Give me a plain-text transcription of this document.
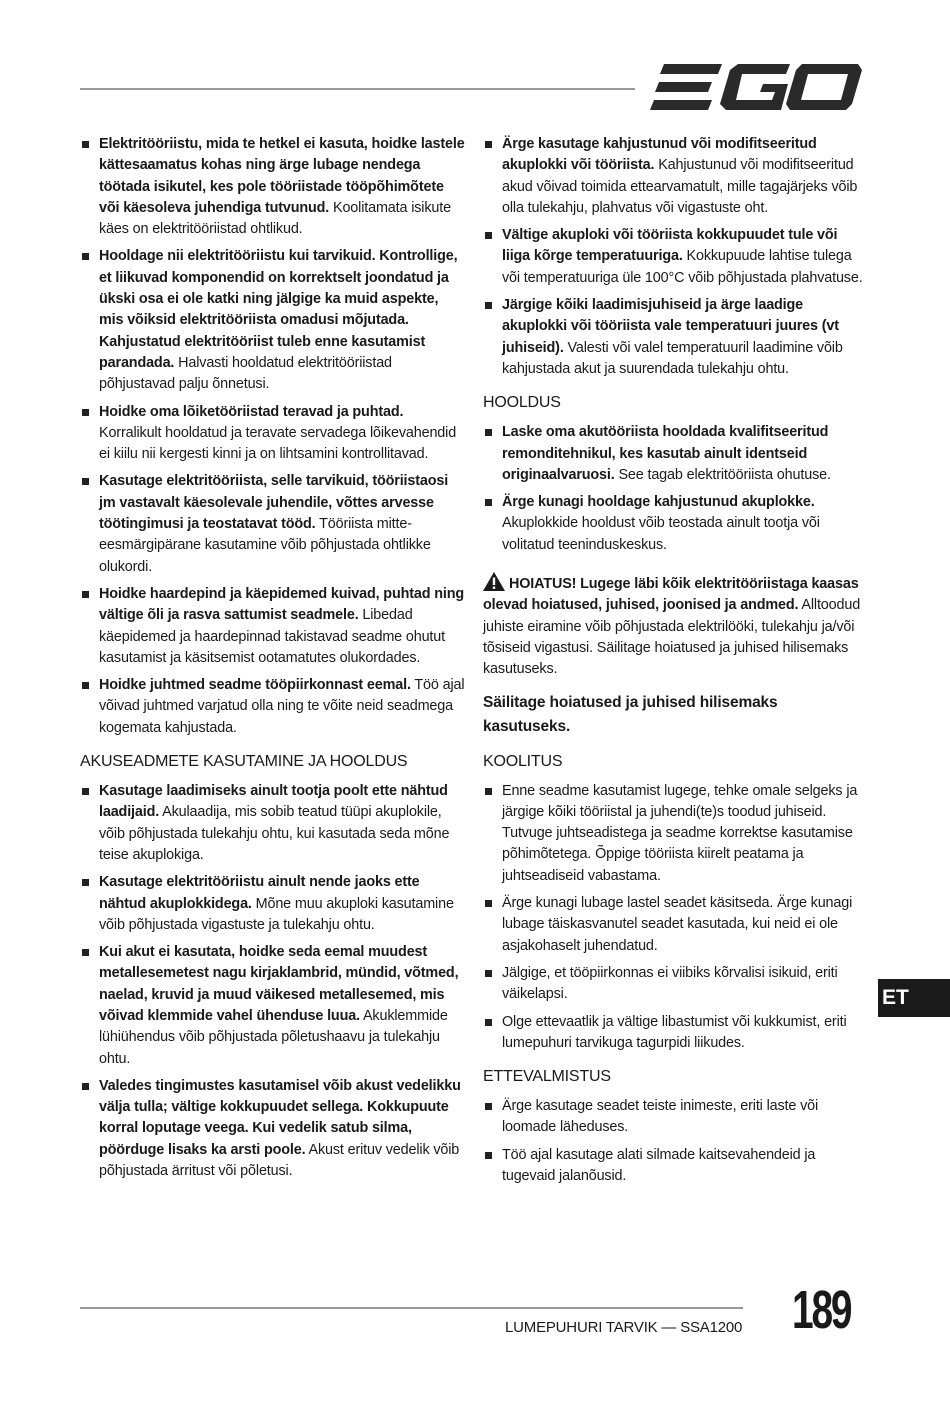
Elektritööriistu, mida te hetkel ei kasuta, hoidke lastele kättesaamatus kohas ning ärge lubage nendega töötada isikutel, kes pole tööriistade tööpõhimõtete või käesoleva juhendiga tutvunud. Koolitamata isikute käes on elektritööriistad ohtlikud.
Hooldage nii elektritööriistu kui tarvikuid. Kontrollige, et liikuvad komponendid on korrektselt joondatud ja ükski osa ei ole katki ning jälgige ka muid aspekte, mis võiksid elektritööriista omadusi mõjutada. Kahjustatud elektritööriist tuleb enne kasutamist parandada. Halvasti hooldatud elektritööriistad põhjustavad palju õnnetusi.
Hoidke oma lõiketööriistad teravad ja puhtad. Korralikult hooldatud ja teravate servadega lõikevahendid ei kiilu nii kergesti kinni ja on lihtsamini kontrollitavad.
Kasutage elektritööriista, selle tarvikuid, tööriistaosi jm vastavalt käesolevale juhendile, võttes arvesse töötingimusi ja teostatavat tööd. Tööriista mitte-eesmärgipärane kasutamine võib põhjustada ohtlikke olukordi.
Hoidke haardepind ja käepidemed kuivad, puhtad ning vältige õli ja rasva sattumist seadmele. Libedad käepidemed ja haardepinnad takistavad seadme ohutut kasutamist ja käsitsemist ootamatutes olukordades.
Hoidke juhtmed seadme tööpiirkonnast eemal. Töö ajal võivad juhtmed varjatud olla ning te võite neid seadmega kogemata kahjustada.
AKUSEADMETE KASUTAMINE JA HOOLDUS
Kasutage laadimiseks ainult tootja poolt ette nähtud laadijaid. Akulaadija, mis sobib teatud tüüpi akuplokile, võib põhjustada tulekahju ohtu, kui kasutada seda mõne teise akuplokiga.
Kasutage elektritööriistu ainult nende jaoks ette nähtud akuplokkidega. Mõne muu akuploki kasutamine võib põhjustada vigastuste ja tulekahju ohtu.
Kui akut ei kasutata, hoidke seda eemal muudest metallesemetest nagu kirjaklambrid, mündid, võtmed, naelad, kruvid ja muud väikesed metallesemed, mis võivad klemmide vahel ühenduse luua. Akuklemmide lühiühendus võib põhjustada põletushaavu ja tulekahju ohtu.
Valedes tingimustes kasutamisel võib akust vedelikku välja tulla; vältige kokkupuudet sellega. Kokkupuute korral loputage veega. Kui vedelik satub silma, pöörduge lisaks ka arsti poole. Akust erituv vedelik võib põhjustada ärritust või põletusi.
Ärge kasutage kahjustunud või modifitseeritud akuplokki või tööriista. Kahjustunud või modifitseeritud akud võivad toimida ettearvamatult, mille tagajärjeks võib olla tulekahju, plahvatus või vigastuste oht.
Vältige akuploki või tööriista kokkupuudet tule või liiga kõrge temperatuuriga. Kokkupuude lahtise tulega või temperatuuriga üle 100°C võib põhjustada plahvatuse.
Järgige kõiki laadimisjuhiseid ja ärge laadige akuplokki või tööriista vale temperatuuri juures (vt juhiseid). Valesti või valel temperatuuril laadimine võib kahjustada akut ja suurendada tulekahju ohtu.
HOOLDUS
Laske oma akutööriista hooldada kvalifitseeritud remonditehnikul, kes kasutab ainult identseid originaalvaruosi. See tagab elektritööriista ohutuse.
Ärge kunagi hooldage kahjustunud akuplokke. Akuplokkide hooldust võib teostada ainult tootja või volitatud teeninduskeskus.
HOIATUS! Lugege läbi kõik elektritööriistaga kaasas olevad hoiatused, juhised, joonised ja andmed. Alltoodud juhiste eiramine võib põhjustada elektrilööki, tulekahju ja/või tõsiseid vigastusi. Säilitage hoiatused ja juhised hilisemaks kasutuseks.
Säilitage hoiatused ja juhised hilisemaks kasutuseks.
KOOLITUS
Enne seadme kasutamist lugege, tehke omale selgeks ja järgige kõiki tööriistal ja juhendi(te)s toodud juhiseid. Tutvuge juhtseadistega ja seadme korrektse kasutamise põhimõtetega. Õppige tööriista kiirelt peatama ja juhtseadiseid vabastama.
Ärge kunagi lubage lastel seadet käsitseda. Ärge kunagi lubage täiskasvanutel seadet kasutada, kui neid ei ole asjakohaselt juhendatud.
Jälgige, et tööpiirkonnas ei viibiks kõrvalisi isikuid, eriti väikelapsi.
Olge ettevaatlik ja vältige libastumist või kukkumist, eriti lumepuhuri tarvikuga tagurpidi liikudes.
ETTEVALMISTUS
Ärge kasutage seadet teiste inimeste, eriti laste või loomade läheduses.
Töö ajal kasutage alati silmade kaitsevahendeid ja tugevaid jalanõusid.
ET
LUMEPUHURI TARVIK — SSA1200 189
